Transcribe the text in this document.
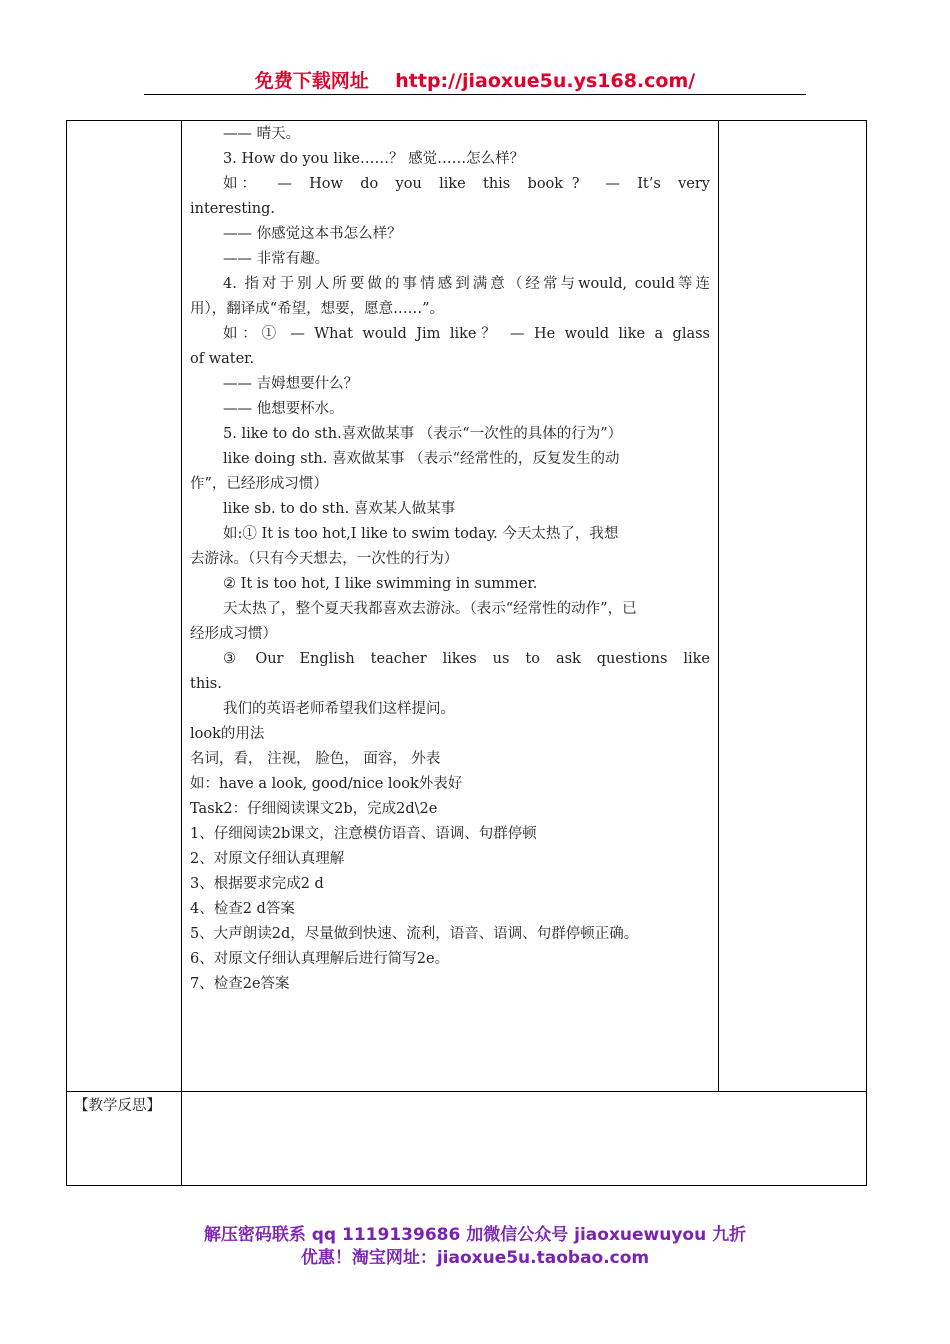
免费下载网址 http://jiaoxue5u.ys168.com/
—— 晴天。
3. How do you like……？ 感觉……怎么样？
如：  —  How  do  you  like  this  book ?   —  It’s  very
interesting.
—— 你感觉这本书怎么样？
—— 非常有趣。
4. 指对于别人所要做的事情感到满意（经常与would, could等连
用），翻译成“希望，想要，愿意……”。
如：① — What would Jim like？ — He would like a glass
of water.
—— 吉姆想要什么？
—— 他想要杯水。
5. like to do sth.喜欢做某事 （表示“一次性的具体的行为”）
like doing sth. 喜欢做某事 （表示“经常性的，反复发生的动
作”，已经形成习惯）
like sb. to do sth. 喜欢某人做某事
如:① It is too hot,I like to swim today. 今天太热了，我想
去游泳。（只有今天想去，一次性的行为）
② It is too hot, I like swimming in summer.
天太热了，整个夏天我都喜欢去游泳。（表示“经常性的动作”，已
经形成习惯）
③  Our  English  teacher  likes  us  to  ask  questions  like
this.
我们的英语老师希望我们这样提问。
look的用法
名词，看， 注视， 脸色， 面容， 外表
如：have a look, good/nice look外表好
Task2：仔细阅读课文2b，完成2d\2e
1、仔细阅读2b课文，注意模仿语音、语调、句群停顿
2、对原文仔细认真理解
3、根据要求完成2 d
4、检查2 d答案
5、大声朗读2d，尽量做到快速、流利，语音、语调、句群停顿正确。
6、对原文仔细认真理解后进行简写2e。
7、检查2e答案
【教学反思】
解压密码联系 qq 1119139686 加微信公众号 jiaoxuewuyou 九折
优惠！淘宝网址：jiaoxue5u.taobao.com
